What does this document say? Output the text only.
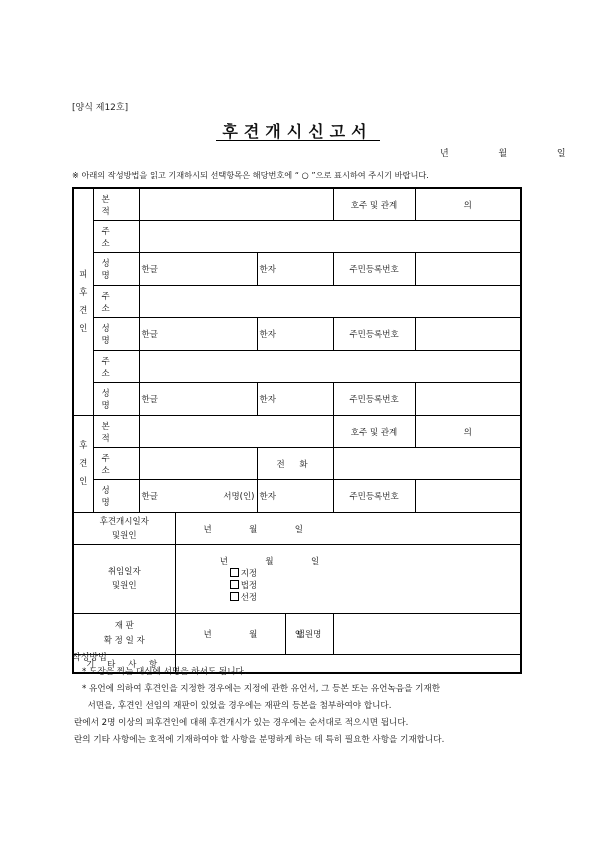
[양식 제12호]
후견개시신고서
년  월  일
※ 아래의 작성방법을 읽고 기재하시되 선택항목은 해당번호에 “ ○ ”으로 표시하여 주시기 바랍니다.
피
후
견
인	본 적					호주 및 관계	의
	주 소						
	성 명	한글		한자		주민등록번호	
	주 소						
	성 명	한글		한자		주민등록번호	
	주 소						
	성 명	한글		한자		주민등록번호	
후
견
인	본 적					호주 및 관계	의
	주 소			전 화			
	성 명	한글	서명(인)	한자		주민등록번호	
후견개시일자
및원인			년  월  일				
취임일자
및원인			년  월  일
지정
법정
선정				

재 판
확 정 일 자			년  월  일		법원명		
기 타 사 항							
작성방법

* 도장을 찍는 대신에 서명을 하셔도 됩니다.

* 유언에 의하여 후견인을 지정한 경우에는 지정에 관한 유언서, 그 등본 또는 유언녹음을 기재한

서면을, 후견인 선임의 재판이 있었을 경우에는 재판의 등본을 첨부하여야 합니다.

란에서 2명 이상의 피후견인에 대해 후견개시가 있는 경우에는 순서대로 적으시면 됩니다.

란의 기타 사항에는 호적에 기재하여야 할 사항을 분명하게 하는 데 특히 필요한 사항을 기재합니다.
